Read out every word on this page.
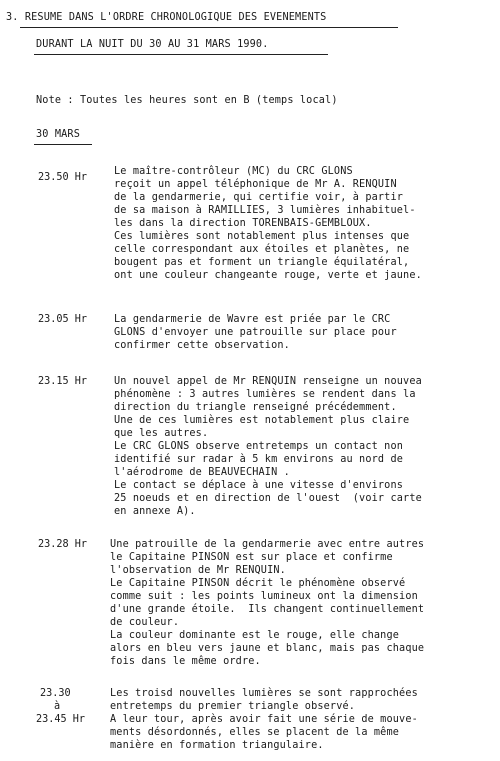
3. RESUME DANS L'ORDRE CHRONOLOGIQUE DES EVENEMENTS
DURANT LA NUIT DU 30 AU 31 MARS 1990.
Note : Toutes les heures sont en B (temps local)
30 MARS
23.50 Hr
Le maître-contrôleur (MC) du CRC GLONS
reçoit un appel téléphonique de Mr A. RENQUIN
de la gendarmerie, qui certifie voir, à partir
de sa maison à RAMILLIES, 3 lumières inhabituel-
les dans la direction TORENBAIS-GEMBLOUX.
Ces lumières sont notablement plus intenses que
celle correspondant aux étoiles et planètes, ne
bougent pas et forment un triangle équilatéral,
ont une couleur changeante rouge, verte et jaune.
23.05 Hr	La gendarmerie de Wavre est priée par le CRC
GLONS d'envoyer une patrouille sur place pour
confirmer cette observation.
23.15 Hr	Un nouvel appel de Mr RENQUIN renseigne un nouvea
phénomène : 3 autres lumières se rendent dans la
direction du triangle renseigné précédemment.
Une de ces lumières est notablement plus claire
que les autres.
Le CRC GLONS observe entretemps un contact non
identifié sur radar à 5 km environs au nord de
l'aérodrome de BEAUVECHAIN .
Le contact se déplace à une vitesse d'environs
25 noeuds et en direction de l'ouest  (voir carte
en annexe A).
23.28 Hr Une patrouille de la gendarmerie avec entre autres
le Capitaine PINSON est sur place et confirme
l'observation de Mr RENQUIN.
Le Capitaine PINSON décrit le phénomène observé
comme suit : les points lumineux ont la dimension
d'une grande étoile.  Ils changent continuellement
de couleur.
La couleur dominante est le rouge, elle change
alors en bleu vers jaune et blanc, mais pas chaque
fois dans le même ordre.
23.30
à
23.45 Hr
Les troisd nouvelles lumières se sont rapprochées
entretemps du premier triangle observé.
A leur tour, après avoir fait une série de mouve-
ments désordonnés, elles se placent de la même
manière en formation triangulaire.
